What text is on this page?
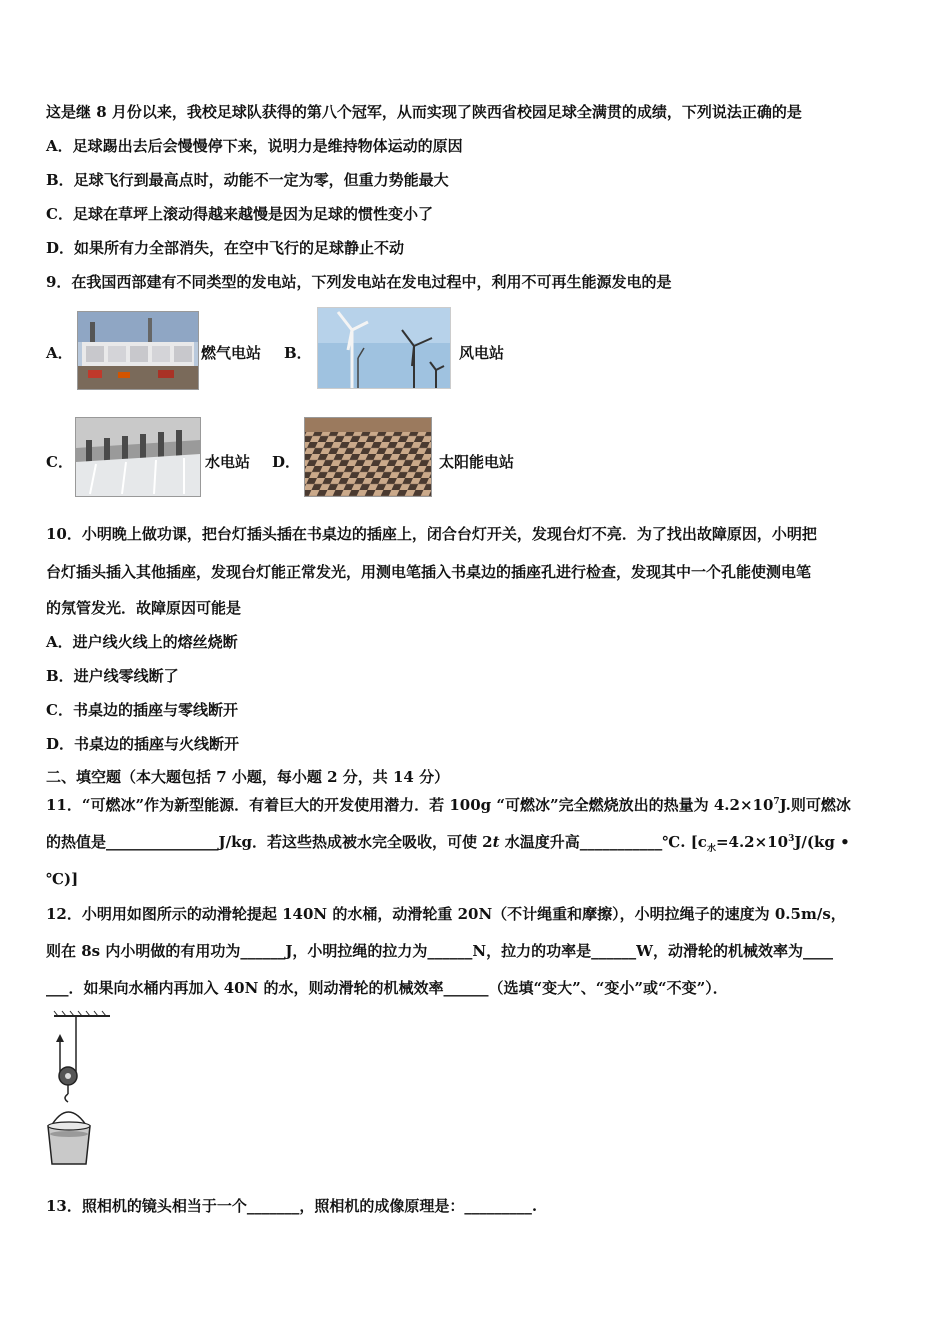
这是继 8 月份以来，我校足球队获得的第八个冠军，从而实现了陕西省校园足球全满贯的成绩，下列说法正确的是
A．足球踢出去后会慢慢停下来，说明力是维持物体运动的原因
B．足球飞行到最高点时，动能不一定为零，但重力势能最大
C．足球在草坪上滚动得越来越慢是因为足球的惯性变小了
D．如果所有力全部消失，在空中飞行的足球静止不动
9．在我国西部建有不同类型的发电站，下列发电站在发电过程中，利用不可再生能源发电的是
A．	燃气电站 B．	风电站
C．	水电站 D．	太阳能电站
10．小明晚上做功课，把台灯插头插在书桌边的插座上，闭合台灯开关，发现台灯不亮．为了找出故障原因，小明把
台灯插头插入其他插座，发现台灯能正常发光，用测电笔插入书桌边的插座孔进行检查，发现其中一个孔能使测电笔
的氖管发光．故障原因可能是
A．进户线火线上的熔丝烧断
B．进户线零线断了
C．书桌边的插座与零线断开
D．书桌边的插座与火线断开
二、填空题（本大题包括 7 小题，每小题 2 分，共 14 分）
11．“可燃冰”作为新型能源．有着巨大的开发使用潜力．若 100g “可燃冰”完全燃烧放出的热量为 $4.2\times 10^7J$.则可燃冰
的热值是_______________J/kg．若这些热成被水完全吸收，可使 2t 水温度升高___________℃. [$c_水=4.2\times 10^3J/(kg$ •
℃)]
12．小明用如图所示的动滑轮提起 140N 的水桶，动滑轮重 20N（不计绳重和摩擦），小明拉绳子的速度为 0.5m/s，
则在 8s 内小明做的有用功为______J，小明拉绳的拉力为______N，拉力的功率是______W，动滑轮的机械效率为____
___．如果向水桶内再加入 40N 的水，则动滑轮的机械效率______（选填“变大”、“变小”或“不变”）．
13．照相机的镜头相当于一个_______，照相机的成像原理是：_________.
